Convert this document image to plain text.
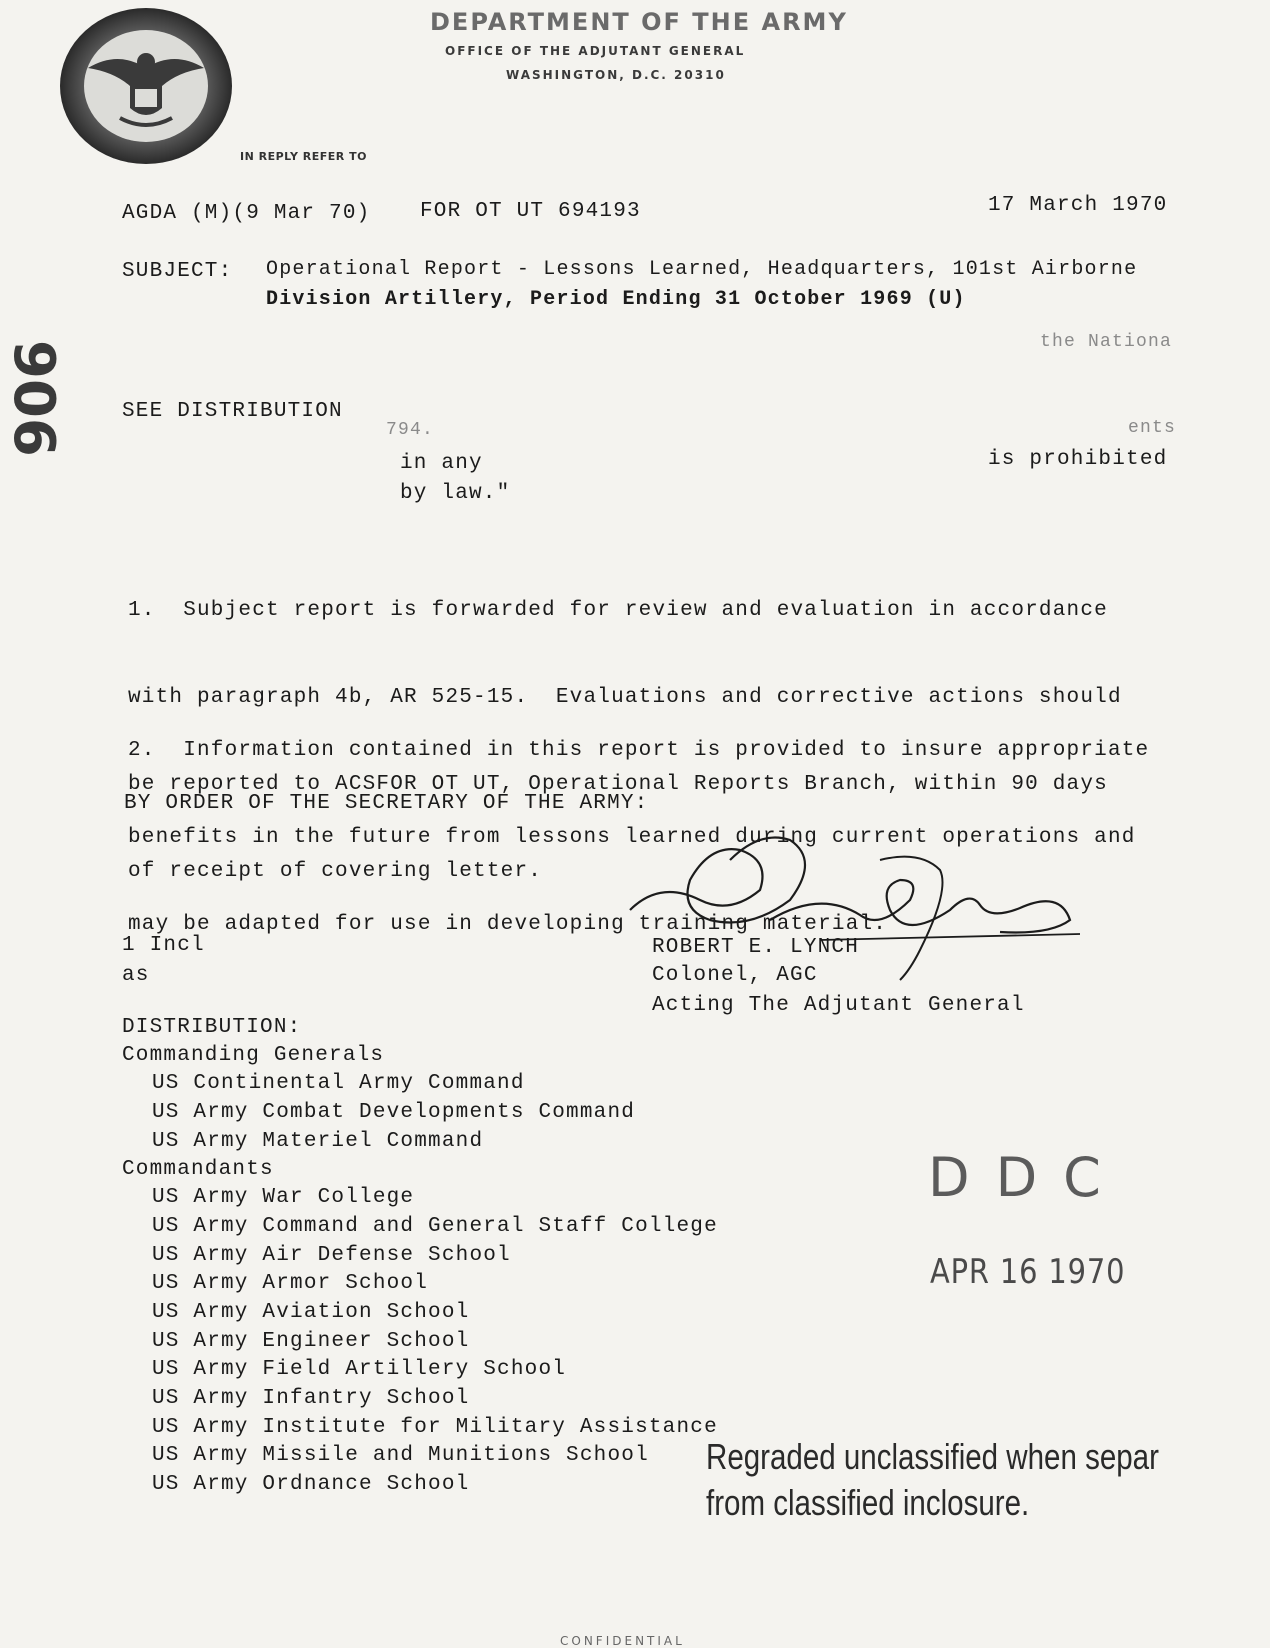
DEPARTMENT OF THE ARMY
OFFICE OF THE ADJUTANT GENERAL
WASHINGTON, D.C. 20310
IN REPLY REFER TO
AGDA (M)(9 Mar 70) FOR OT UT 694193	17 March 1970
SUBJECT: Operational Report - Lessons Learned, Headquarters, 101st Airborne
Division Artillery, Period Ending 31 October 1969 (U)
906	SEE DISTRIBUTION
the Nationa
794.	ents
in any	is prohibited
by law."

1.  Subject report is forwarded for review and evaluation in accordance

with paragraph 4b, AR 525-15.  Evaluations and corrective actions should

be reported to ACSFOR OT UT, Operational Reports Branch, within 90 days

of receipt of covering letter.

2.  Information contained in this report is provided to insure appropriate

benefits in the future from lessons learned during current operations and

may be adapted for use in developing training material.

BY ORDER OF THE SECRETARY OF THE ARMY:
ROBERT E. LYNCH
Colonel, AGC
Acting The Adjutant General
1 Incl
as
DISTRIBUTION:
Commanding Generals
US Continental Army Command
US Army Combat Developments Command
US Army Materiel Command
Commandants
US Army War College
US Army Command and General Staff College
US Army Air Defense School
US Army Armor School
US Army Aviation School
US Army Engineer School
US Army Field Artillery School
US Army Infantry School
US Army Institute for Military Assistance
US Army Missile and Munitions School
US Army Ordnance School
DDC
APR 16 1970
Regraded unclassified when separ
from classified inclosure.
CONFIDENTIAL
